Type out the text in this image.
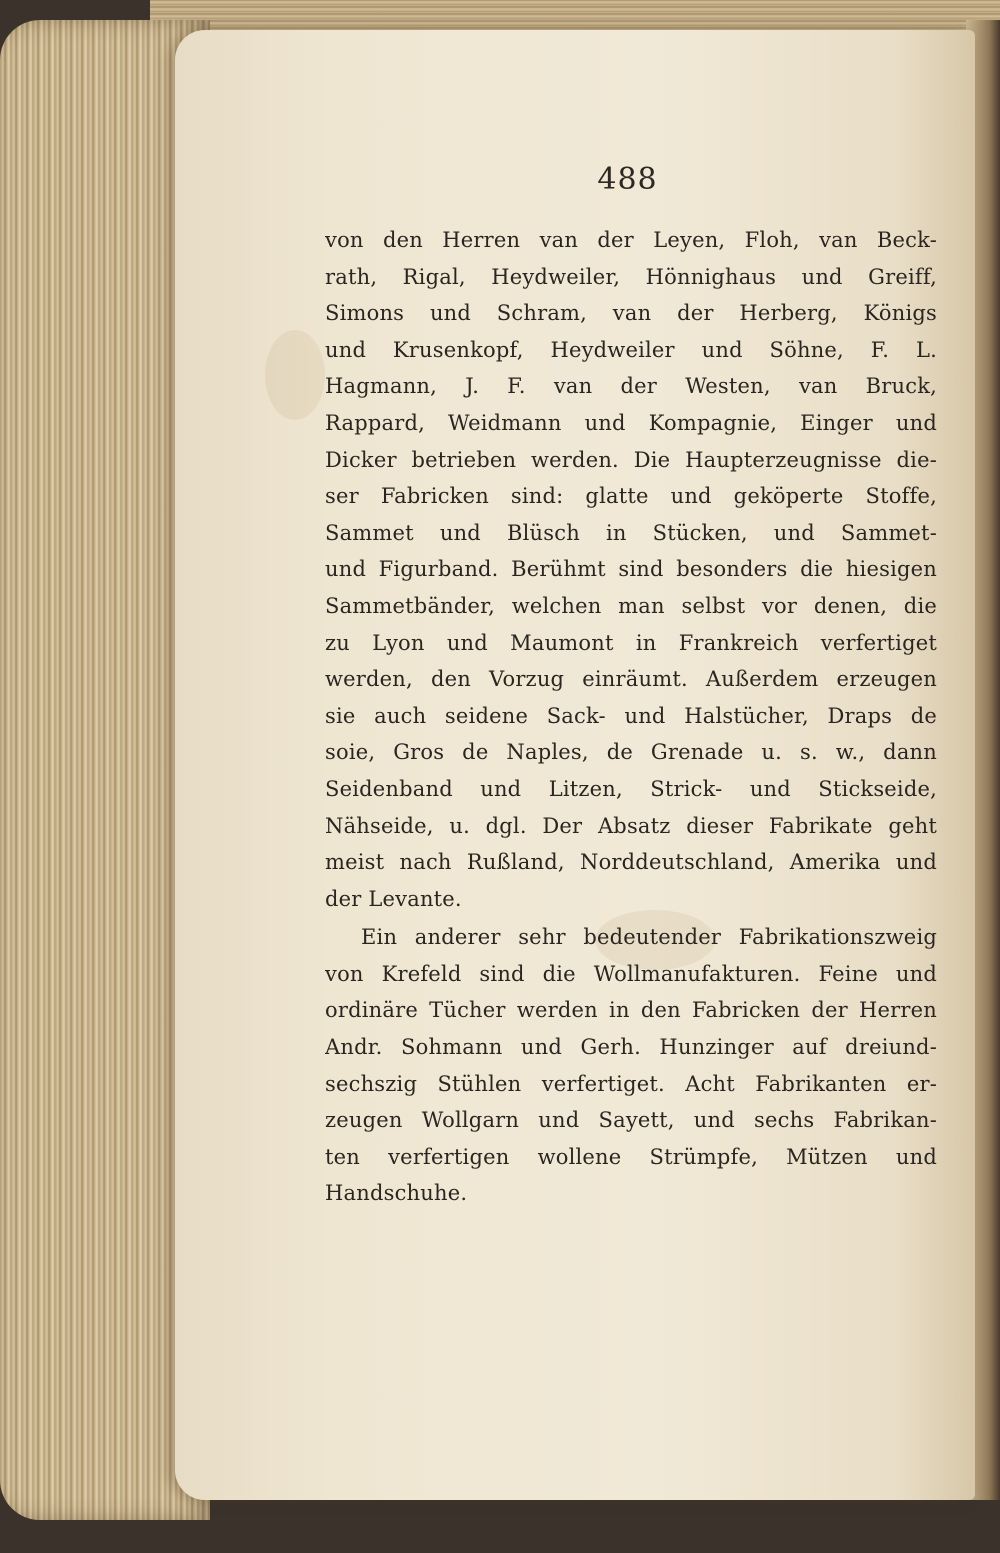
488
von den Herren van der Leyen, Floh, van Beck-
rath, Rigal, Heydweiler, Hönnighaus und Greiff,
Simons und Schram, van der Herberg, Königs
und Krusenkopf, Heydweiler und Söhne, F. L.
Hagmann, J. F. van der Westen, van Bruck,
Rappard, Weidmann und Kompagnie, Einger und
Dicker betrieben werden. Die Haupterzeugnisse die-
ser Fabricken sind: glatte und geköperte Stoffe,
Sammet und Blüsch in Stücken, und Sammet-
und Figurband. Berühmt sind besonders die hiesigen
Sammetbänder, welchen man selbst vor denen, die
zu Lyon und Maumont in Frankreich verfertiget
werden, den Vorzug einräumt. Außerdem erzeugen
sie auch seidene Sack- und Halstücher, Draps de
soie, Gros de Naples, de Grenade u. s. w., dann
Seidenband und Litzen, Strick- und Stickseide,
Nähseide, u. dgl. Der Absatz dieser Fabrikate geht
meist nach Rußland, Norddeutschland, Amerika und
der Levante.
Ein anderer sehr bedeutender Fabrikationszweig
von Krefeld sind die Wollmanufakturen. Feine und
ordinäre Tücher werden in den Fabricken der Herren
Andr. Sohmann und Gerh. Hunzinger auf dreiund-
sechszig Stühlen verfertiget. Acht Fabrikanten er-
zeugen Wollgarn und Sayett, und sechs Fabrikan-
ten verfertigen wollene Strümpfe, Mützen und
Handschuhe.
